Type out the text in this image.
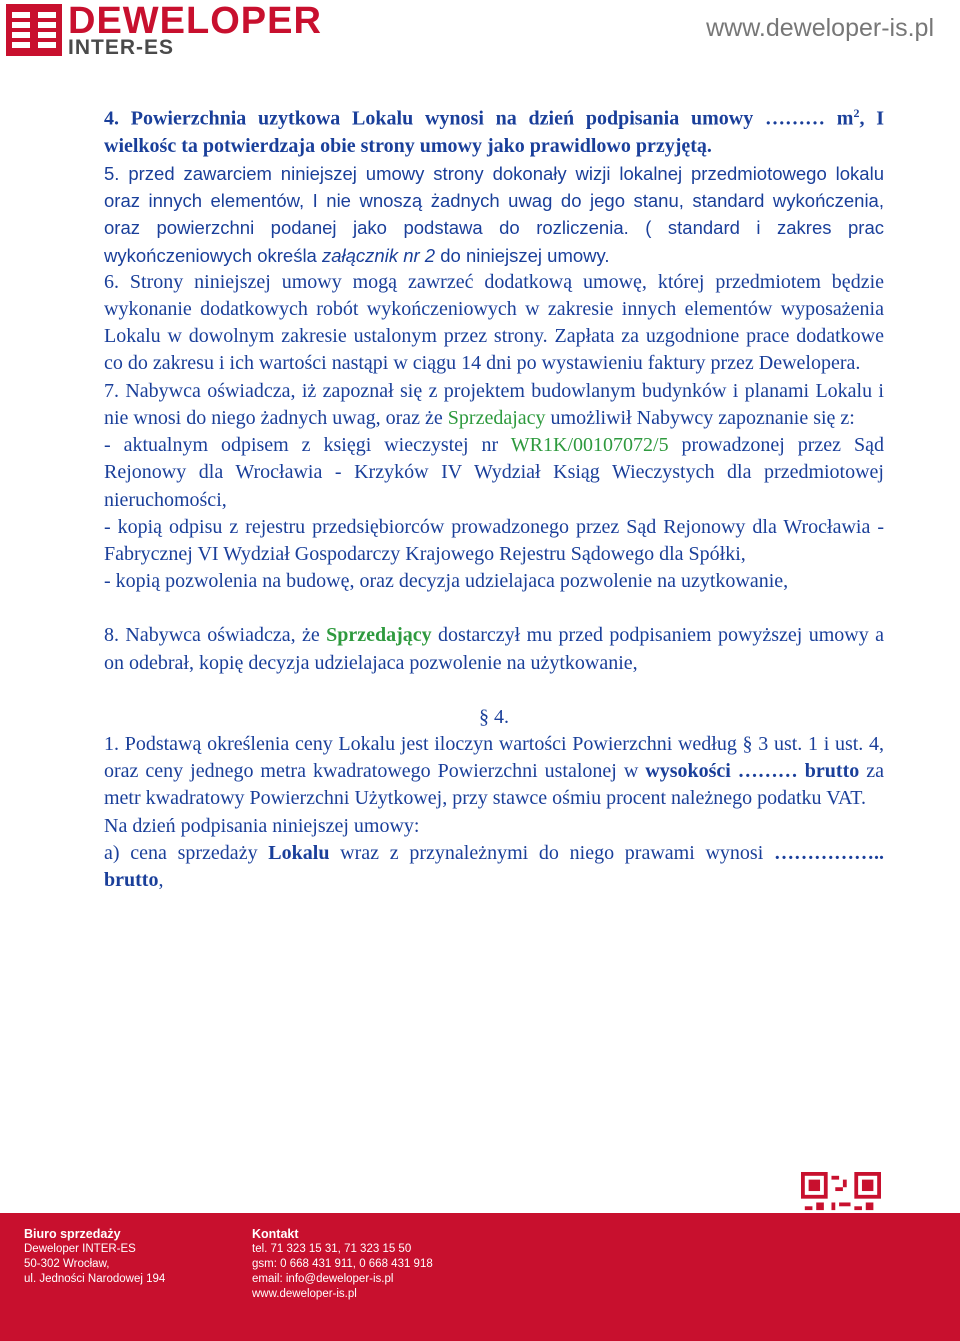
DEWELOPER
INTER-ES
www.deweloper-is.pl

4. Powierzchnia uzytkowa Lokalu wynosi na dzień podpisania umowy ……… $m^2$, I wielkośc ta potwierdzaja obie strony umowy jako prawidlowo przyjętą.

5. przed zawarciem niniejszej umowy strony dokonały wizji lokalnej przedmiotowego lokalu oraz innych elementów, I nie wnoszą żadnych uwag do jego stanu, standard wykończenia, oraz powierzchni podanej jako podstawa do rozliczenia. ( standard i zakres prac wykończeniowych określa załącznik nr 2 do niniejszej umowy.

6. Strony niniejszej umowy mogą zawrzeć dodatkową umowę, której przedmiotem będzie wykonanie dodatkowych robót wykończeniowych w zakresie innych elementów wyposażenia Lokalu w dowolnym zakresie ustalonym przez strony. Zapłata za uzgodnione prace dodatkowe co do zakresu i ich wartości nastąpi w ciągu 14 dni po wystawieniu faktury przez Dewelopera.

7. Nabywca oświadcza, iż zapoznał się z projektem budowlanym budynków i planami Lokalu i nie wnosi do niego żadnych uwag, oraz że Sprzedajacy umożliwił Nabywcy zapoznanie się z:

- aktualnym odpisem z księgi wieczystej nr WR1K/00107072/5 prowadzonej przez Sąd Rejonowy dla Wrocławia - Krzyków IV Wydział Ksiąg Wieczystych dla przedmiotowej nieruchomości,

- kopią odpisu z rejestru przedsiębiorców prowadzonego przez Sąd Rejonowy dla Wrocławia - Fabrycznej VI Wydział Gospodarczy Krajowego Rejestru Sądowego dla Spółki,

- kopią pozwolenia na budowę, oraz decyzja udzielajaca pozwolenie na uzytkowanie,

8. Nabywca oświadcza, że Sprzedający dostarczył mu przed podpisaniem powyższej umowy a on odebrał, kopię decyzja udzielajaca pozwolenie na użytkowanie,

§ 4.

1. Podstawą określenia ceny Lokalu jest iloczyn wartości Powierzchni według § 3 ust. 1 i ust. 4, oraz ceny jednego metra kwadratowego Powierzchni ustalonej w wysokości ……… brutto za metr kwadratowy Powierzchni Użytkowej, przy stawce ośmiu procent należnego podatku VAT.

Na dzień podpisania niniejszej umowy:

a) cena sprzedaży Lokalu wraz z przynależnymi do niego prawami wynosi …………….. brutto,

Biuro sprzedaży
Deweloper INTER-ES
50-302 Wrocław,
ul. Jedności Narodowej 194
Kontakt
tel. 71 323 15 31, 71 323 15 50
gsm: 0 668 431 911, 0 668 431 918
email: info@deweloper-is.pl
www.deweloper-is.pl
